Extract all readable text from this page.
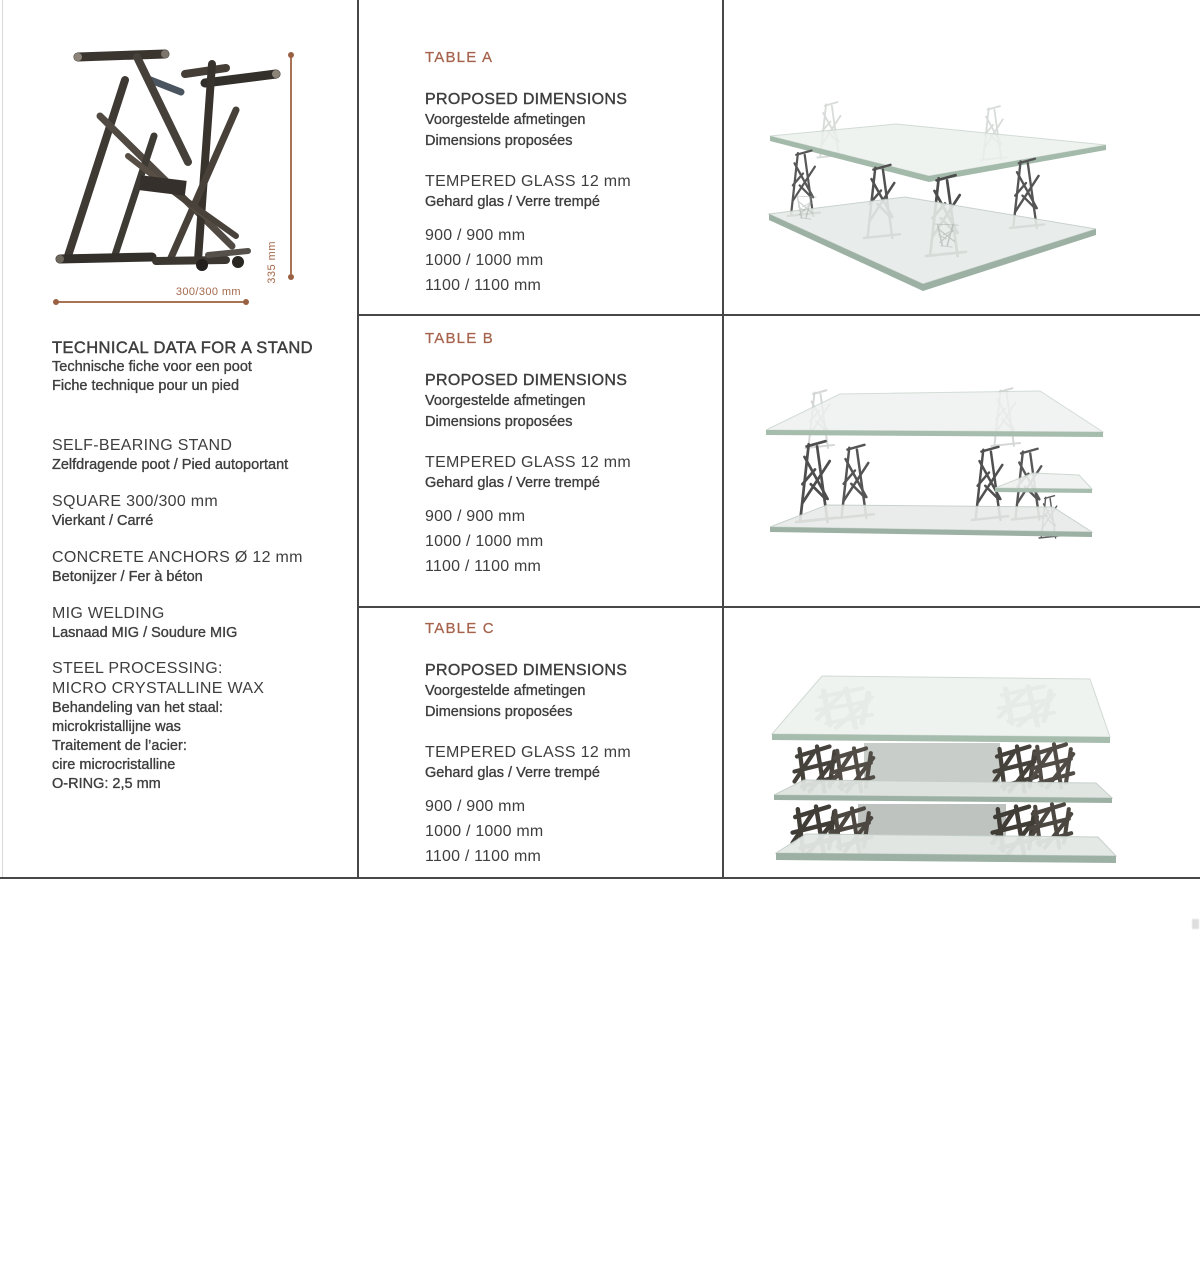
335 mm
300/300 mm
TECHNICAL DATA FOR A STAND
Technische fiche voor een poot
Fiche technique pour un pied
SELF-BEARING STAND
Zelfdragende poot / Pied autoportant
SQUARE 300/300 mm
Vierkant / Carré
CONCRETE ANCHORS Ø 12 mm
Betonijzer / Fer à béton
MIG WELDING
Lasnaad MIG / Soudure MIG
STEEL PROCESSING:
MICRO CRYSTALLINE WAX
Behandeling van het staal:
microkristallijne was
Traitement de l’acier:
cire microcristalline
O-RING: 2,5 mm
TABLE A
PROPOSED DIMENSIONS
Voorgestelde afmetingen
Dimensions proposées
TEMPERED GLASS 12 mm
Gehard glas / Verre trempé
900 / 900 mm
1000 / 1000 mm
1100 / 1100 mm
TABLE B
PROPOSED DIMENSIONS
Voorgestelde afmetingen
Dimensions proposées
TEMPERED GLASS 12 mm
Gehard glas / Verre trempé
900 / 900 mm
1000 / 1000 mm
1100 / 1100 mm
TABLE C
PROPOSED DIMENSIONS
Voorgestelde afmetingen
Dimensions proposées
TEMPERED GLASS 12 mm
Gehard glas / Verre trempé
900 / 900 mm
1000 / 1000 mm
1100 / 1100 mm
